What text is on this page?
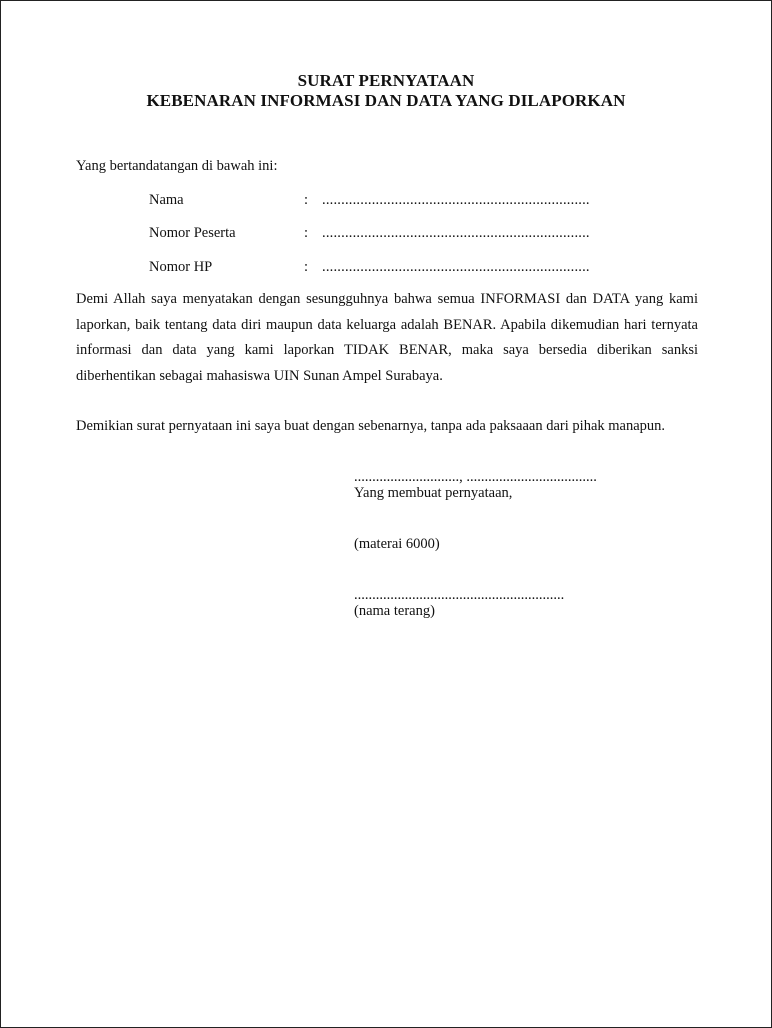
SURAT PERNYATAAN
KEBENARAN INFORMASI DAN DATA YANG DILAPORKAN
Yang bertandatangan di bawah ini:
Nama	: ......................................................................
Nomor Peserta	: ......................................................................
Nomor HP	: ......................................................................
Demi Allah saya menyatakan dengan sesungguhnya bahwa semua INFORMASI dan DATA yang kami laporkan, baik tentang data diri maupun data keluarga adalah BENAR. Apabila dikemudian hari ternyata informasi dan data yang kami laporkan TIDAK BENAR, maka saya bersedia diberikan sanksi diberhentikan sebagai mahasiswa UIN Sunan Ampel Surabaya.
Demikian surat pernyataan ini saya buat dengan sebenarnya, tanpa ada paksaaan dari pihak manapun.
............................., ....................................
Yang membuat pernyataan,
(materai 6000)
..........................................................
(nama terang)
